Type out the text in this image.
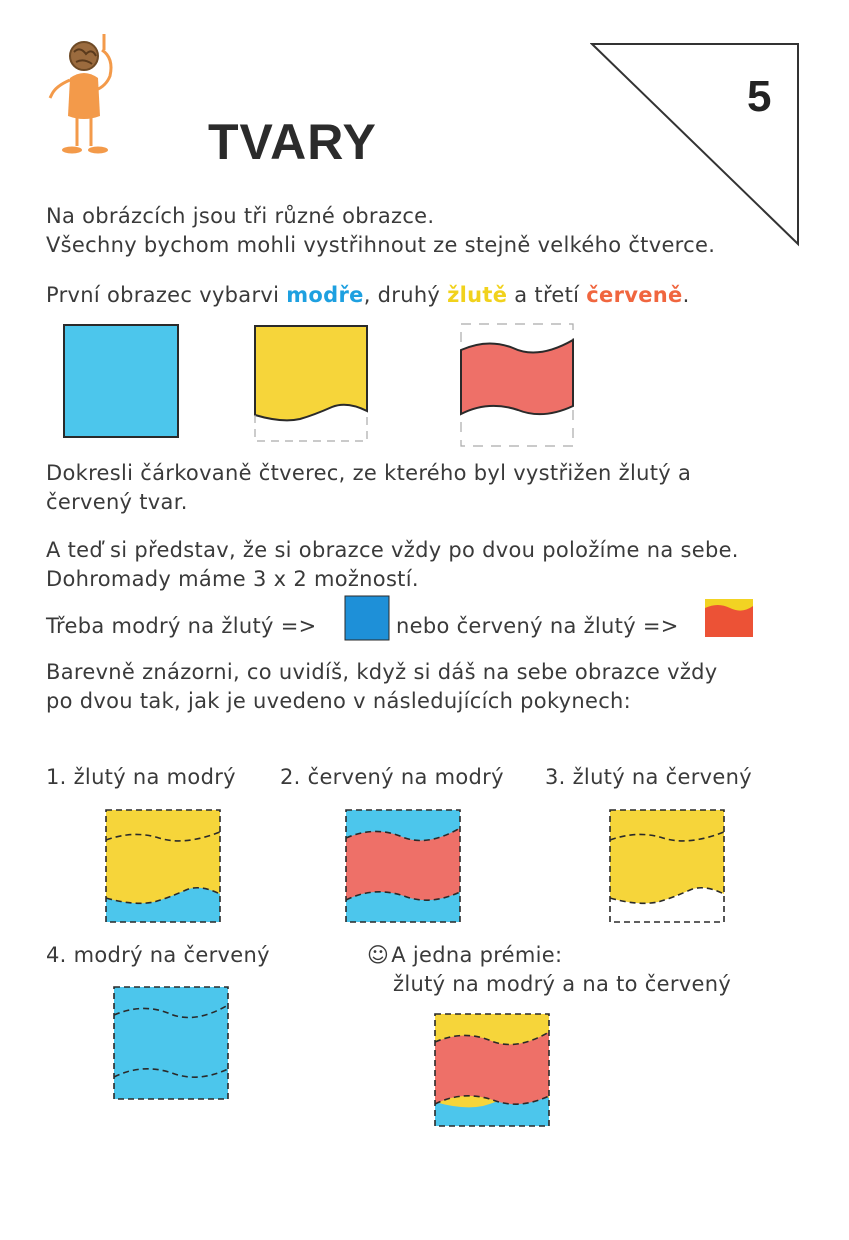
TVARY
5
Na obrázcích jsou tři různé obrazce.
Všechny bychom mohli vystřihnout ze stejně velkého čtverce.
První obrazec vybarvi modře, druhý žlutě a třetí červeně.
Dokresli čárkovaně čtverec, ze kterého byl vystřižen žlutý a
červený tvar.
A teď si představ, že si obrazce vždy po dvou položíme na sebe.
Dohromady máme 3 x 2 možností.
Třeba modrý na žlutý =>	nebo červený na žlutý =>
Barevně znázorni, co uvidíš, když si dáš na sebe obrazce vždy
po dvou tak, jak je uvedeno v následujících pokynech:
1. žlutý na modrý 2. červený na modrý 3. žlutý na červený
4. modrý na červený	☺A jedna prémie:
žlutý na modrý a na to červený
